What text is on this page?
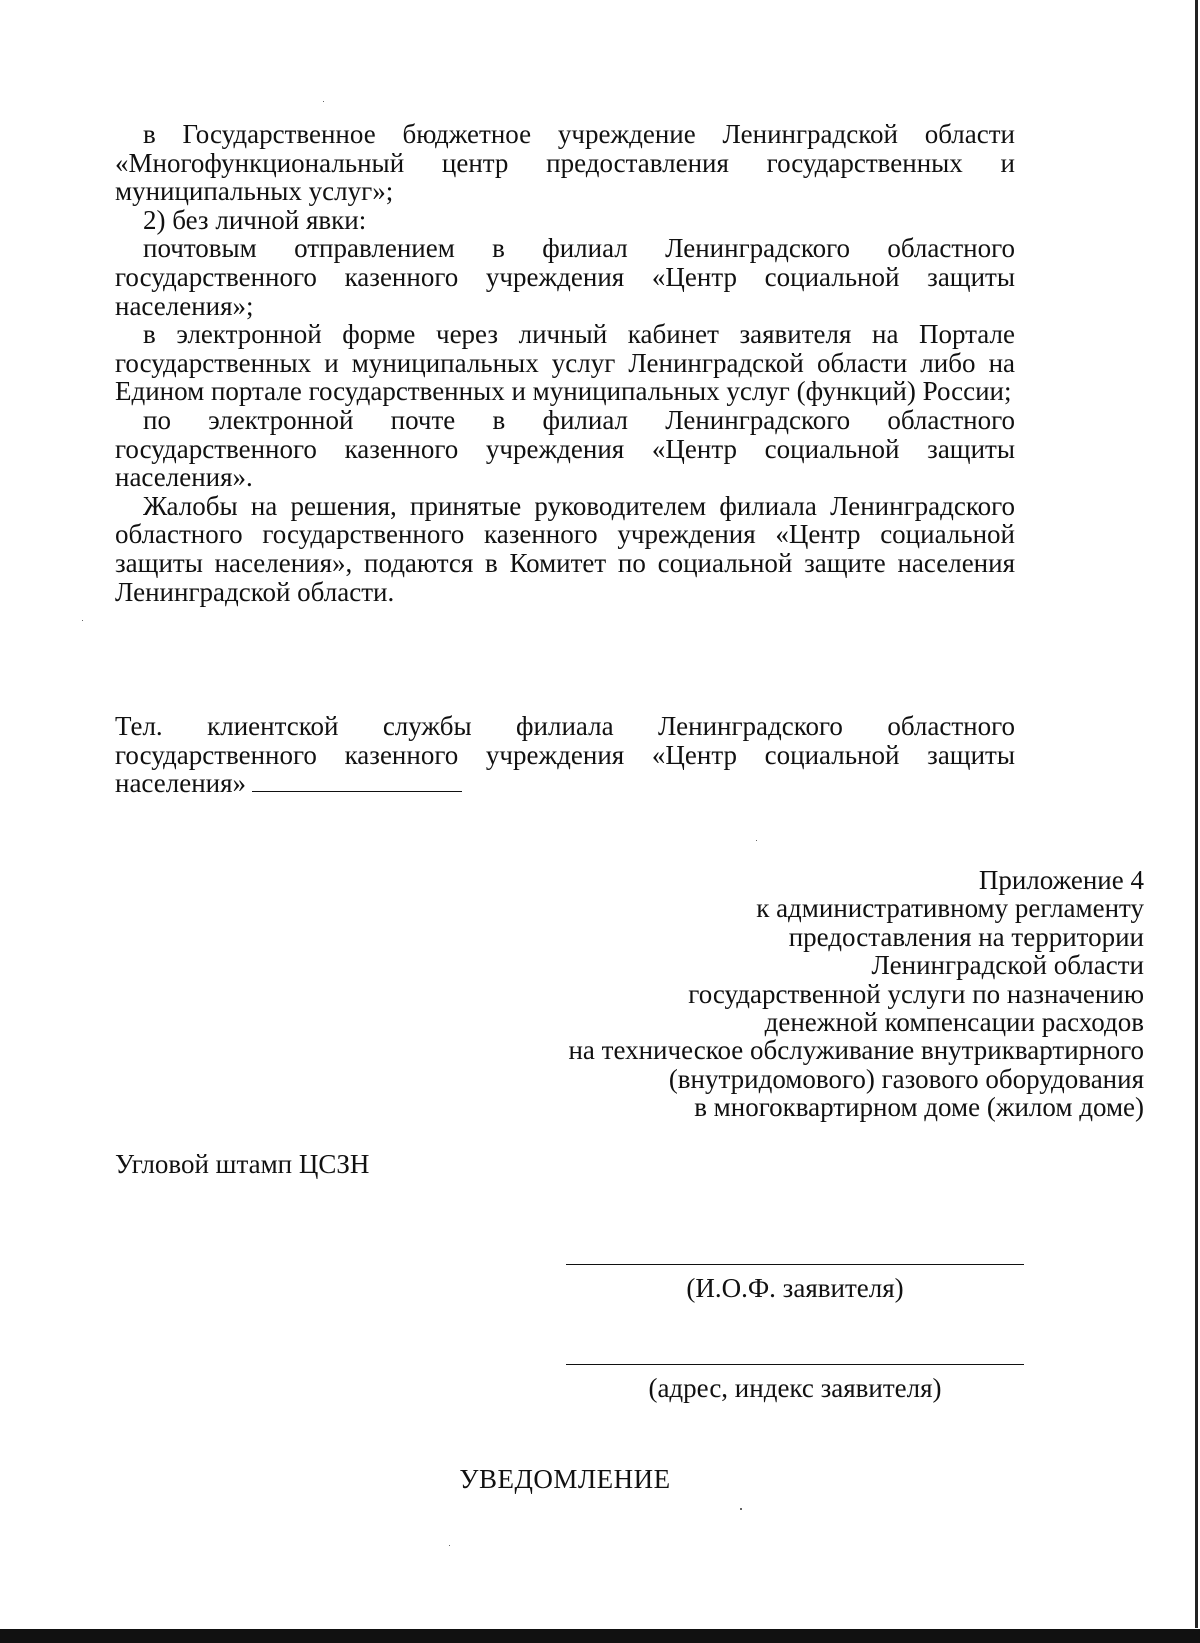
в Государственное бюджетное учреждение Ленинградской области «Многофункциональный центр предоставления государственных и муниципальных услуг»;

2) без личной явки:

почтовым отправлением в филиал Ленинградского областного государственного казенного учреждения «Центр социальной защиты населения»;

в электронной форме через личный кабинет заявителя на Портале государственных и муниципальных услуг Ленинградской области либо на Едином портале государственных и муниципальных услуг (функций) России;

по электронной почте в филиал Ленинградского областного государственного казенного учреждения «Центр социальной защиты населения».

Жалобы на решения, принятые руководителем филиала Ленинградского областного государственного казенного учреждения «Центр социальной защиты населения», подаются в Комитет по социальной защите населения Ленинградской области.

Тел. клиентской службы филиала Ленинградского областного государственного казенного учреждения «Центр социальной защиты населения»

Приложение 4
к административному регламенту
предоставления на территории
Ленинградской области
государственной услуги по назначению
денежной компенсации расходов
на техническое обслуживание внутриквартирного
(внутридомового) газового оборудования
в многоквартирном доме (жилом доме)
Угловой штамп ЦСЗН
(И.О.Ф. заявителя)
(адрес, индекс заявителя)
УВЕДОМЛЕНИЕ
